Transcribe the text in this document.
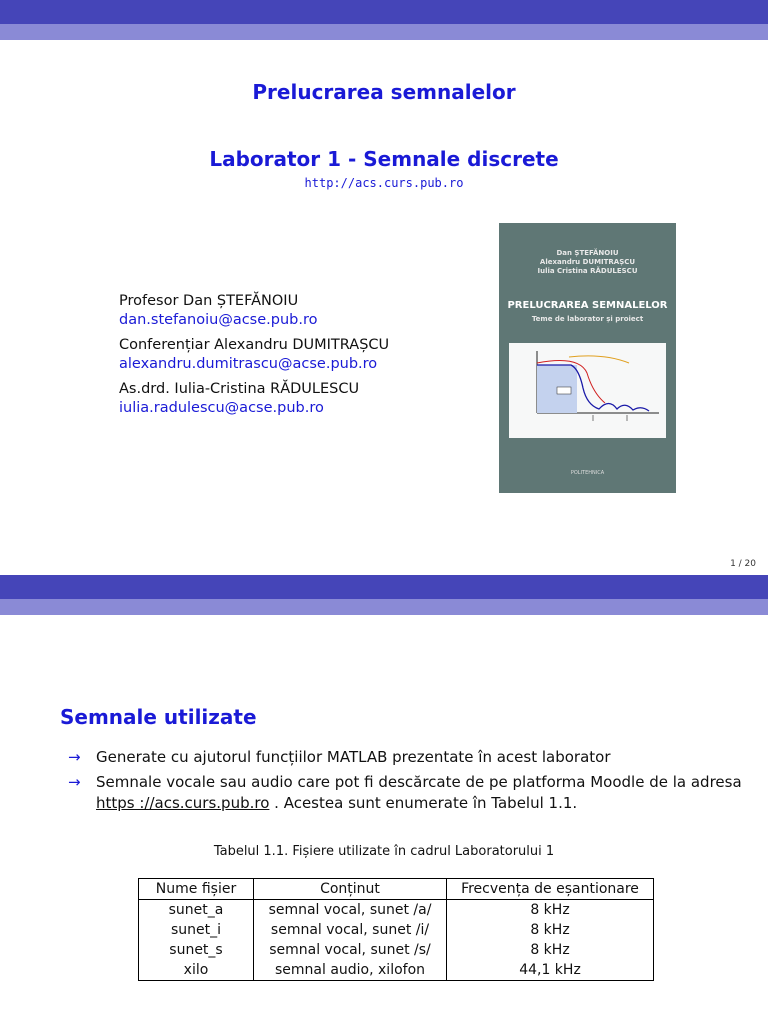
Prelucrarea semnalelor
Laborator 1 - Semnale discrete
http://acs.curs.pub.ro
Profesor Dan ȘTEFĂNOIU
dan.stefanoiu@acse.pub.ro
Conferențiar Alexandru DUMITRAȘCU
alexandru.dumitrascu@acse.pub.ro
As.drd. Iulia-Cristina RĂDULESCU
iulia.radulescu@acse.pub.ro
Dan ȘTEFĂNOIU
Alexandru DUMITRAȘCU
Iulia Cristina RĂDULESCU
PRELUCRAREA SEMNALELOR
Teme de laborator și proiect
POLITEHNICA
1 / 20
Semnale utilizate
→ Generate cu ajutorul funcțiilor MATLAB prezentate în acest laborator
→ Semnale vocale sau audio care pot fi descărcate de pe platforma Moodle de la adresa https ://acs.curs.pub.ro . Acestea sunt enumerate în Tabelul 1.1.
Tabelul 1.1. Fișiere utilizate în cadrul Laboratorului 1
Nume fișier	Conținut	Frecvența de eșantionare
sunet_a	semnal vocal, sunet /a/	8 kHz
sunet_i	semnal vocal, sunet /i/	8 kHz
sunet_s	semnal vocal, sunet /s/	8 kHz
xilo	semnal audio, xilofon	44,1 kHz
